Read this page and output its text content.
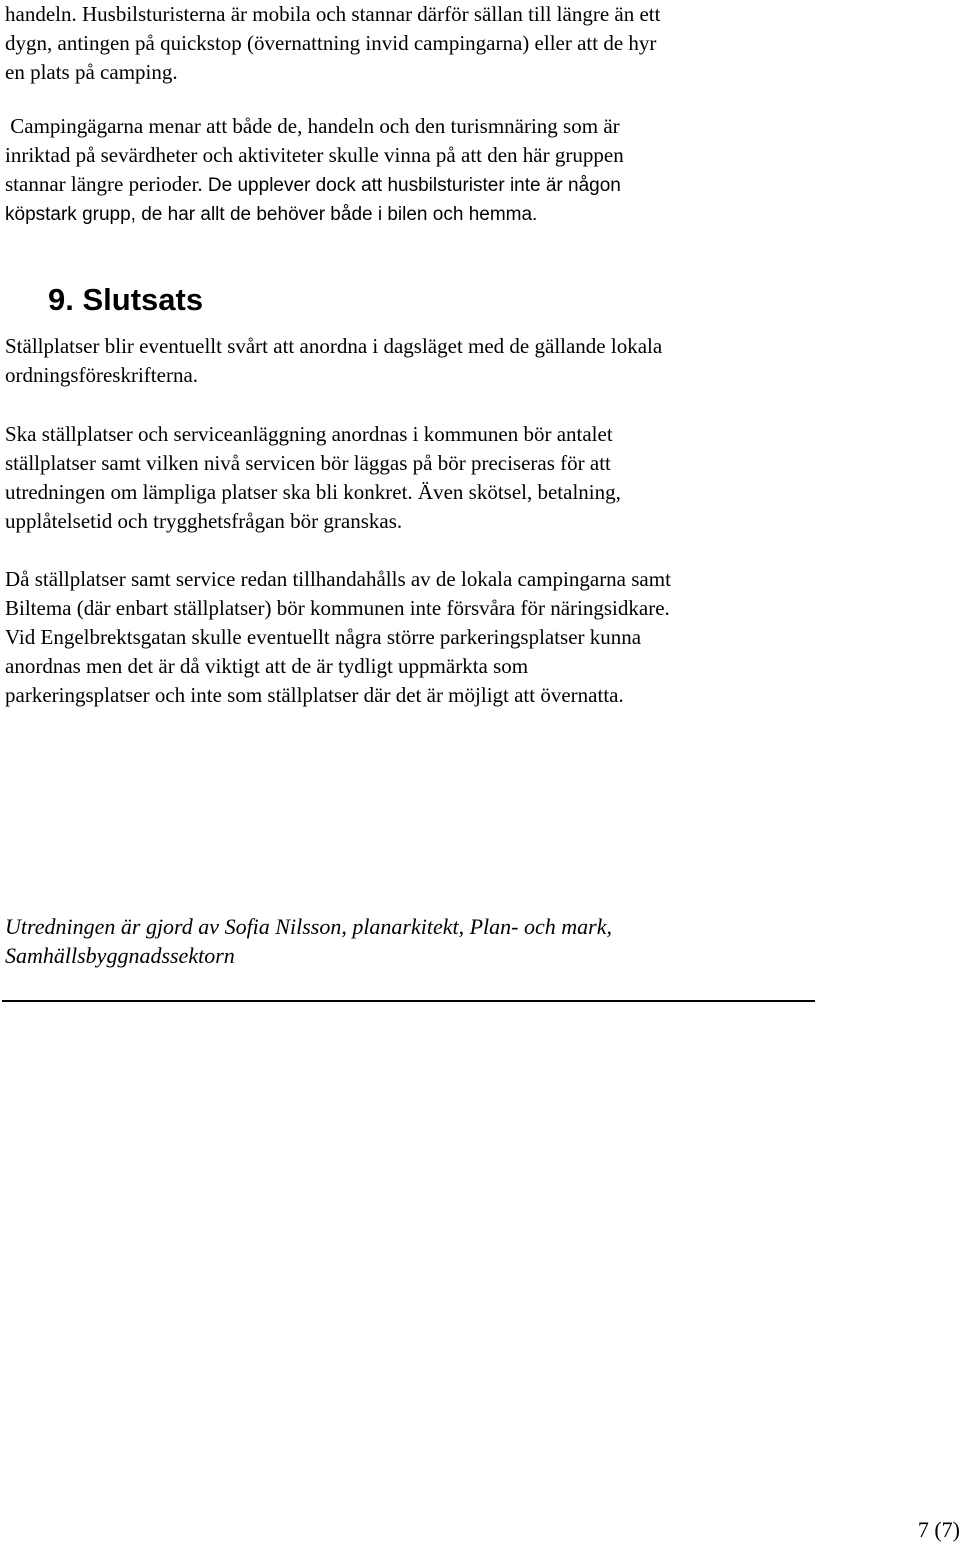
handeln. Husbilsturisterna är mobila och stannar därför sällan till längre än ett
dygn, antingen på quickstop (övernattning invid campingarna) eller att de hyr
en plats på camping.

Campingägarna menar att både de, handeln och den turismnäring som är
inriktad på sevärdheter och aktiviteter skulle vinna på att den här gruppen
stannar längre perioder. De upplever dock att husbilsturister inte är någon
köpstark grupp, de har allt de behöver både i bilen och hemma.

9. Slutsats

Ställplatser blir eventuellt svårt att anordna i dagsläget med de gällande lokala
ordningsföreskrifterna.

Ska ställplatser och serviceanläggning anordnas i kommunen bör antalet
ställplatser samt vilken nivå servicen bör läggas på bör preciseras för att
utredningen om lämpliga platser ska bli konkret. Även skötsel, betalning,
upplåtelsetid och trygghetsfrågan bör granskas.

Då ställplatser samt service redan tillhandahålls av de lokala campingarna samt
Biltema (där enbart ställplatser) bör kommunen inte försvåra för näringsidkare.
Vid Engelbrektsgatan skulle eventuellt några större parkeringsplatser kunna
anordnas men det är då viktigt att de är tydligt uppmärkta som
parkeringsplatser och inte som ställplatser där det är möjligt att övernatta.

Utredningen är gjord av Sofia Nilsson, planarkitekt, Plan- och mark,
Samhällsbyggnadssektorn

7 (7)
